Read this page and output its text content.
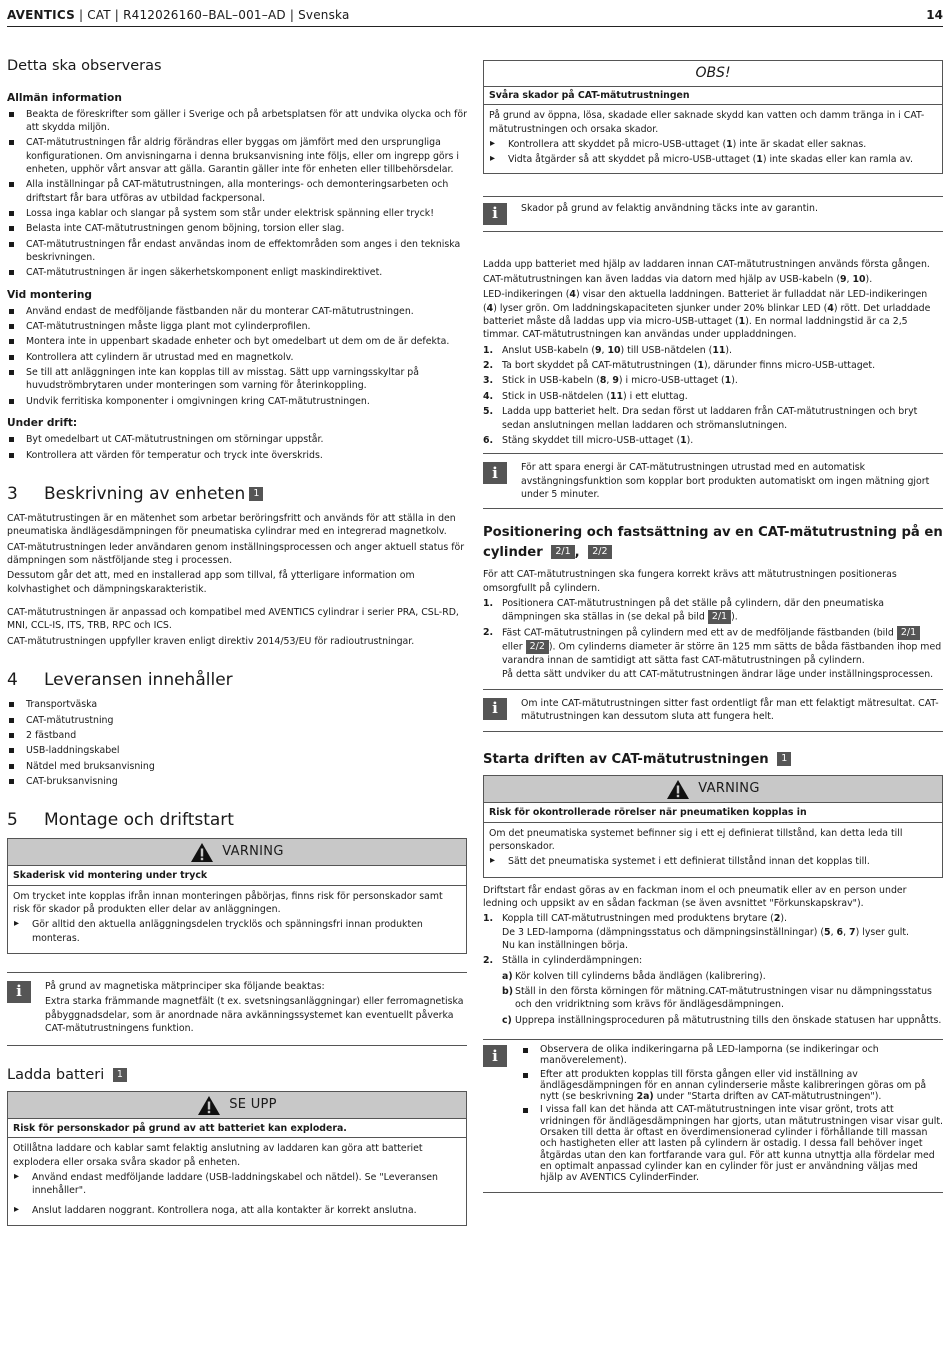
AVENTICS | CAT | R412026160–BAL–001–AD | Svenska	14
Detta ska observeras
Allmän information
Beakta de föreskrifter som gäller i Sverige och på arbetsplatsen för att undvika olycka och för att skydda miljön.
CAT-mätutrustningen får aldrig förändras eller byggas om jämfört med den ursprungliga konfigurationen. Om anvisningarna i denna bruksanvisning inte följs, eller om ingrepp görs i enheten, upphör vårt ansvar att gälla. Garantin gäller inte för enheten eller tillbehörsdelar.
Alla inställningar på CAT-mätutrustningen, alla monterings- och demonteringsarbeten och driftstart får bara utföras av utbildad fackpersonal.
Lossa inga kablar och slangar på system som står under elektrisk spänning eller tryck!
Belasta inte CAT-mätutrustningen genom böjning, torsion eller slag.
CAT-mätutrustningen får endast användas inom de effektområden som anges i den tekniska beskrivningen.
CAT-mätutrustningen är ingen säkerhetskomponent enligt maskindirektivet.
Vid montering
Använd endast de medföljande fästbanden när du monterar CAT-mätutrustningen.
CAT-mätutrustningen måste ligga plant mot cylinderprofilen.
Montera inte in uppenbart skadade enheter och byt omedelbart ut dem om de är defekta.
Kontrollera att cylindern är utrustad med en magnetkolv.
Se till att anläggningen inte kan kopplas till av misstag. Sätt upp varningsskyltar på huvudströmbrytaren under monteringen som varning för återinkoppling.
Undvik ferritiska komponenter i omgivningen kring CAT-mätutrustningen.
Under drift:
Byt omedelbart ut CAT-mätutrustningen om störningar uppstår.
Kontrollera att värden för temperatur och tryck inte överskrids.
3	Beskrivning av enheten 1

CAT-mätutrustingen är en mätenhet som arbetar beröringsfritt och används för att ställa in den pneumatiska ändlägesdämpningen för pneumatiska cylindrar med en integrerad magnetkolv.

CAT-mätutrustningen leder användaren genom inställningsprocessen och anger aktuell status för dämpningen som nästföljande steg i processen.

Dessutom går det att, med en installerad app som tillval, få ytterligare information om kolvhastighet och dämpningskarakteristik.

CAT-mätutrustningen är anpassad och kompatibel med AVENTICS cylindrar i serier PRA, CSL-RD, MNI, CCL-IS, ITS, TRB, RPC och ICS.

CAT-mätutrustningen uppfyller kraven enligt direktiv 2014/53/EU för radioutrustningar.

4	Leveransen innehåller
Transportväska
CAT-mätutrustning
2 fästband
USB-laddningskabel
Nätdel med bruksanvisning
CAT-bruksanvisning
5	Montage och driftstart
VARNING
Skaderisk vid montering under tryck

Om trycket inte kopplas ifrån innan monteringen påbörjas, finns risk för personskador samt risk för skador på produkten eller delar av anläggningen.

▸ Gör alltid den aktuella anläggningsdelen trycklös och spänningsfri innan produkten monteras.
i	På grund av magnetiska mätprinciper ska följande beaktas:

Extra starka främmande magnetfält (t ex. svetsningsanläggningar) eller ferromagnetiska påbyggnadsdelar, som är anordnade nära avkänningssystemet kan eventuellt påverka CAT-mätutrustningens funktion.

Ladda batteri 1
SE UPP
Risk för personskador på grund av att batteriet kan explodera.

Otillåtna laddare och kablar samt felaktig anslutning av laddaren kan göra att batteriet explodera eller orsaka svåra skador på enheten.

▸ Använd endast medföljande laddare (USB-laddningskabel och nätdel). Se "Leveransen innehåller".
▸ Anslut laddaren noggrant. Kontrollera noga, att alla kontakter är korrekt anslutna.
OBS!
Svåra skador på CAT-mätutrustningen

På grund av öppna, lösa, skadade eller saknade skydd kan vatten och damm tränga in i CAT-mätutrustningen och orsaka skador.

▸ Kontrollera att skyddet på micro-USB-uttaget (1) inte är skadat eller saknas.
▸ Vidta åtgärder så att skyddet på micro-USB-uttaget (1) inte skadas eller kan ramla av.
i	Skador på grund av felaktig användning täcks inte av garantin.

Ladda upp batteriet med hjälp av laddaren innan CAT-mätutrustningen används första gången.

CAT-mätutrustningen kan även laddas via datorn med hjälp av USB-kabeln (9, 10).

LED-indikeringen (4) visar den aktuella laddningen. Batteriet är fulladdat när LED-indikeringen (4) lyser grön. Om laddningskapaciteten sjunker under 20% blinkar LED (4) rött. Det urladdade batteriet måste då laddas upp via micro-USB-uttaget (1). En normal laddningstid är ca 2,5 timmar. CAT-mätutrustningen kan användas under uppladdningen.

1. Anslut USB-kabeln (9, 10) till USB-nätdelen (11).
2. Ta bort skyddet på CAT-mätutrustningen (1), därunder finns micro-USB-uttaget.
3. Stick in USB-kabeln (8, 9) i micro-USB-uttaget (1).
4. Stick in USB-nätdelen (11) i ett eluttag.
5. Ladda upp batteriet helt. Dra sedan först ut laddaren från CAT-mätutrustningen och bryt sedan anslutningen mellan laddaren och strömanslutningen.
6. Stäng skyddet till micro-USB-uttaget (1).
i	För att spara energi är CAT-mätutrustningen utrustad med en automatisk avstängningsfunktion som kopplar bort produkten automatiskt om ingen mätning gjort under 5 minuter.
Positionering och fastsättning av en CAT-mätutrustning på en cylinder 2/1 , 2/2

För att CAT-mätutrustningen ska fungera korrekt krävs att mätutrustningen positioneras omsorgfullt på cylindern.

1. Positionera CAT-mätutrustningen på det ställe på cylindern, där den pneumatiska dämpningen ska ställas in (se dekal på bild 2/1 ).
2. Fäst CAT-mätutrustningen på cylindern med ett av de medföljande fästbanden (bild 2/1 eller 2/2 ). Om cylinderns diameter är större än 125 mm sätts de båda fästbanden ihop med varandra innan de samtidigt att sätta fast CAT-mätutrustningen på cylindern.
På detta sätt undviker du att CAT-mätutrustningen ändrar läge under inställningsprocessen.
i	Om inte CAT-mätutrustningen sitter fast ordentligt får man ett felaktigt mätresultat. CAT-mätutrustningen kan dessutom sluta att fungera helt.
Starta driften av CAT-mätutrustningen 1
VARNING
Risk för okontrollerade rörelser när pneumatiken kopplas in

Om det pneumatiska systemet befinner sig i ett ej definierat tillstånd, kan detta leda till personskador.

▸ Sätt det pneumatiska systemet i ett definierat tillstånd innan det kopplas till.

Driftstart får endast göras av en fackman inom el och pneumatik eller av en person under ledning och uppsikt av en sådan fackman (se även avsnittet "Förkunskapskrav").

1. Koppla till CAT-mätutrustningen med produktens brytare (2).
De 3 LED-lamporna (dämpningsstatus och dämpningsinställningar) (5, 6, 7) lyser gult.
Nu kan inställningen börja.
2. Ställa in cylinderdämpningen:
a) Kör kolven till cylinderns båda ändlägen (kalibrering).
b) Ställ in den första körningen för mätning.CAT-mätutrustningen visar nu dämpningsstatus och den vridriktning som krävs för ändlägesdämpningen.
c) Upprepa inställningsproceduren på mätutrustning tills den önskade statusen har uppnåtts.
i	Observera de olika indikeringarna på LED-lamporna (se indikeringar och manöverelement).
Efter att produkten kopplas till första gången eller vid inställning av ändlägesdämpningen för en annan cylinderserie måste kalibreringen göras om på nytt (se beskrivning 2a) under "Starta driften av CAT-mätutrustningen").
I vissa fall kan det hända att CAT-mätutrustningen inte visar grönt, trots att vridningen för ändlägesdämpningen har gjorts, utan mätutrustningen visar visar gult. Orsaken till detta är oftast en överdimensionerad cylinder i förhållande till massan och hastigheten eller att lasten på cylindern är ostadig. I dessa fall behöver inget åtgärdas utan den kan fortfarande vara gul. För att kunna utnyttja alla fördelar med en optimalt anpassad cylinder kan en cylinder för just er användning väljas med hjälp av AVENTICS CylinderFinder.
